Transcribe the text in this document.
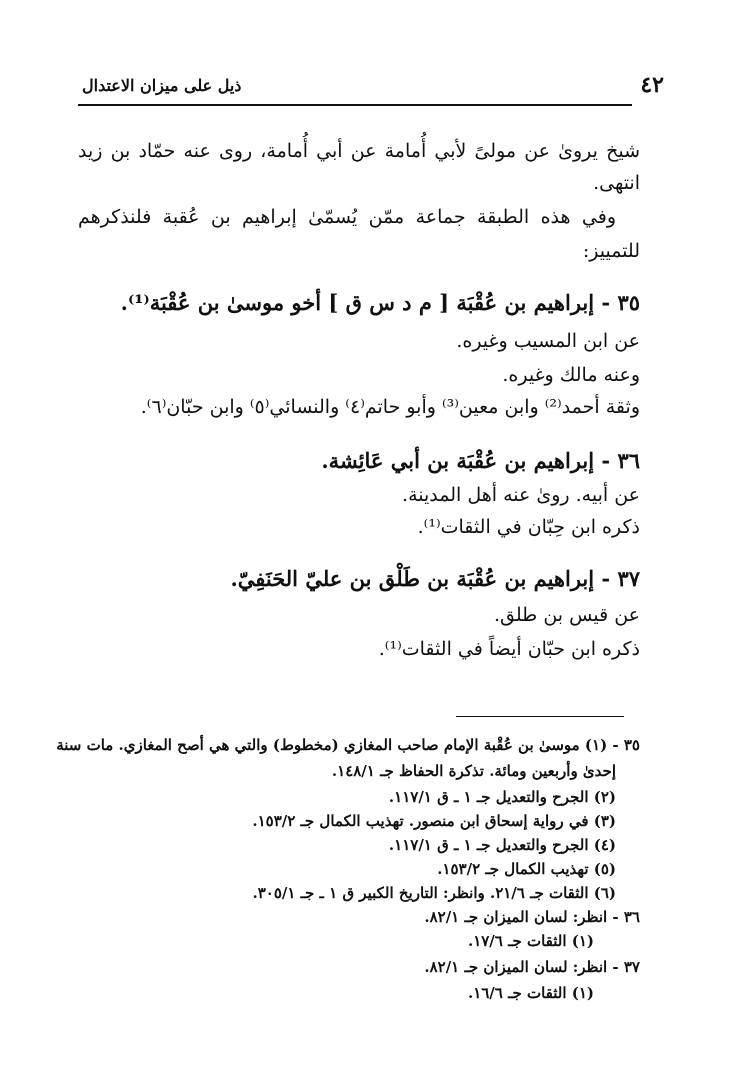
٤٢
ذيل على ميزان الاعتدال
شيخ يروىٰ عن مولىً لأبي أُمامة عن أبي أُمامة، روى عنه حمّاد بن زيد
انتهى.
وفي هذه الطبقة جماعة ممّن يُسمّىٰ إبراهيم بن عُقبة فلنذكرهم
للتمييز:
٣٥ - إبراهيم بن عُقْبَة [ م د س ق ] أخو موسىٰ بن عُقْبَة⁽¹⁾.
عن ابن المسيب وغيره.
وعنه مالك وغيره.
وثقة أحمد⁽²⁾ وابن معين⁽³⁾ وأبو حاتم⁽٤⁾ والنسائي⁽٥⁾ وابن حبّان⁽٦⁾.
٣٦ - إبراهيم بن عُقْبَة بن أبي عَائِشة.
عن أبيه. روىٰ عنه أهل المدينة.
ذكره ابن حِبّان في الثقات⁽¹⁾.
٣٧ - إبراهيم بن عُقْبَة بن طَلْق بن عليّ الحَنَفِيّ.
عن قيس بن طلق.
ذكره ابن حبّان أيضاً في الثقات⁽¹⁾.
٣٥ - (١) موسىٰ بن عُقْبة الإمام صاحب المغازي (مخطوط) والتي هي أصح المغازي. مات سنة
إحدىٰ وأربعين ومائة. تذكرة الحفاظ جـ ١٤٨/١.
(٢) الجرح والتعديل جـ ١ ـ ق ١١٧/١.
(٣) في رواية إسحاق ابن منصور. تهذيب الكمال جـ ١٥٣/٢.
(٤) الجرح والتعديل جـ ١ ـ ق ١١٧/١.
(٥) تهذيب الكمال جـ ١٥٣/٢.
(٦) الثقات جـ ٢١/٦. وانظر: التاريخ الكبير ق ١ ـ جـ ٣٠٥/١.
٣٦ - انظر: لسان الميزان جـ ٨٢/١.
(١) الثقات جـ ١٧/٦.
٣٧ - انظر: لسان الميزان جـ ٨٢/١.
(١) الثقات جـ ١٦/٦.
